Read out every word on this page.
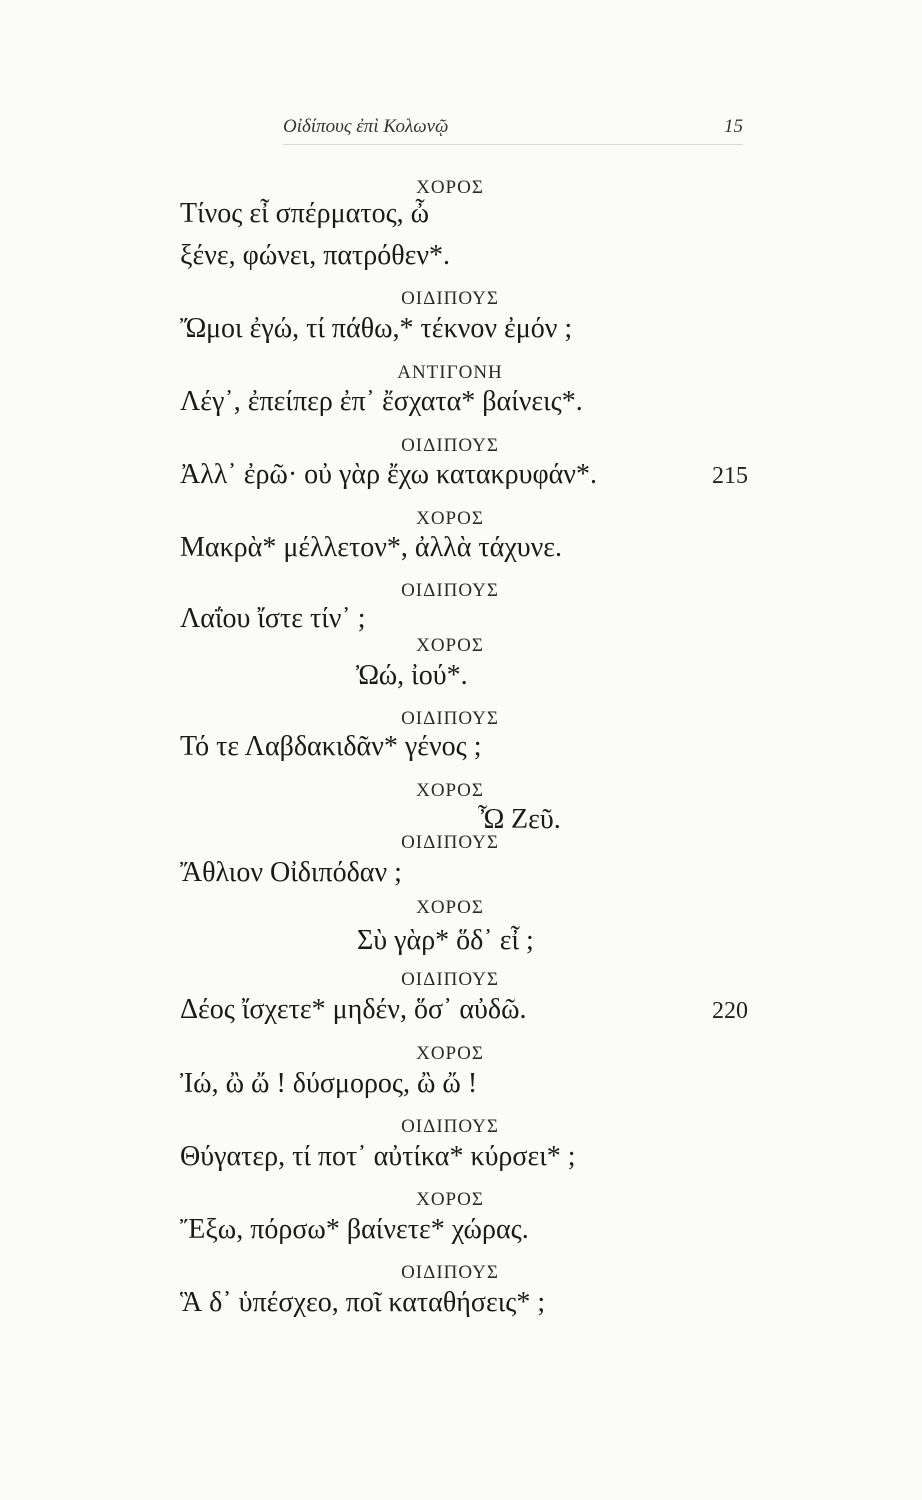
Οἰδίπους ἐπὶ Κολωνῷ	15
ΧΟΡΟΣ
Τίνος εἶ σπέρματος, ὦ
ξένε, φώνει, πατρόθεν*.
ΟΙΔΙΠΟΥΣ
Ὤμοι ἐγώ, τί πάθω,* τέκνον ἐμόν ;
ΑΝΤΙΓΟΝΗ
Λέγ᾽, ἐπείπερ ἐπ᾽ ἔσχατα* βαίνεις*.
ΟΙΔΙΠΟΥΣ
Ἀλλ᾽ ἐρῶ· οὐ γὰρ ἔχω κατακρυφάν*.	215
ΧΟΡΟΣ
Μακρὰ* μέλλετον*, ἀλλὰ τάχυνε.
ΟΙΔΙΠΟΥΣ
Λαΐου ἴστε τίν᾽ ;
ΧΟΡΟΣ
Ὠώ, ἰού*.
ΟΙΔΙΠΟΥΣ
Τό τε Λαβδακιδᾶν* γένος ;
ΧΟΡΟΣ
Ὦ Ζεῦ.
ΟΙΔΙΠΟΥΣ
Ἄθλιον Οἰδιπόδαν ;
ΧΟΡΟΣ
Σὺ γὰρ* ὅδ᾽ εἶ ;
ΟΙΔΙΠΟΥΣ
Δέος ἴσχετε* μηδέν, ὅσ᾽ αὐδῶ.	220
ΧΟΡΟΣ
Ἰώ, ὢ ὤ ! δύσμορος, ὢ ὤ !
ΟΙΔΙΠΟΥΣ
Θύγατερ, τί ποτ᾽ αὐτίκα* κύρσει* ;
ΧΟΡΟΣ
Ἔξω, πόρσω* βαίνετε* χώρας.
ΟΙΔΙΠΟΥΣ
Ἃ δ᾽ ὑπέσχεο, ποῖ καταθήσεις* ;
